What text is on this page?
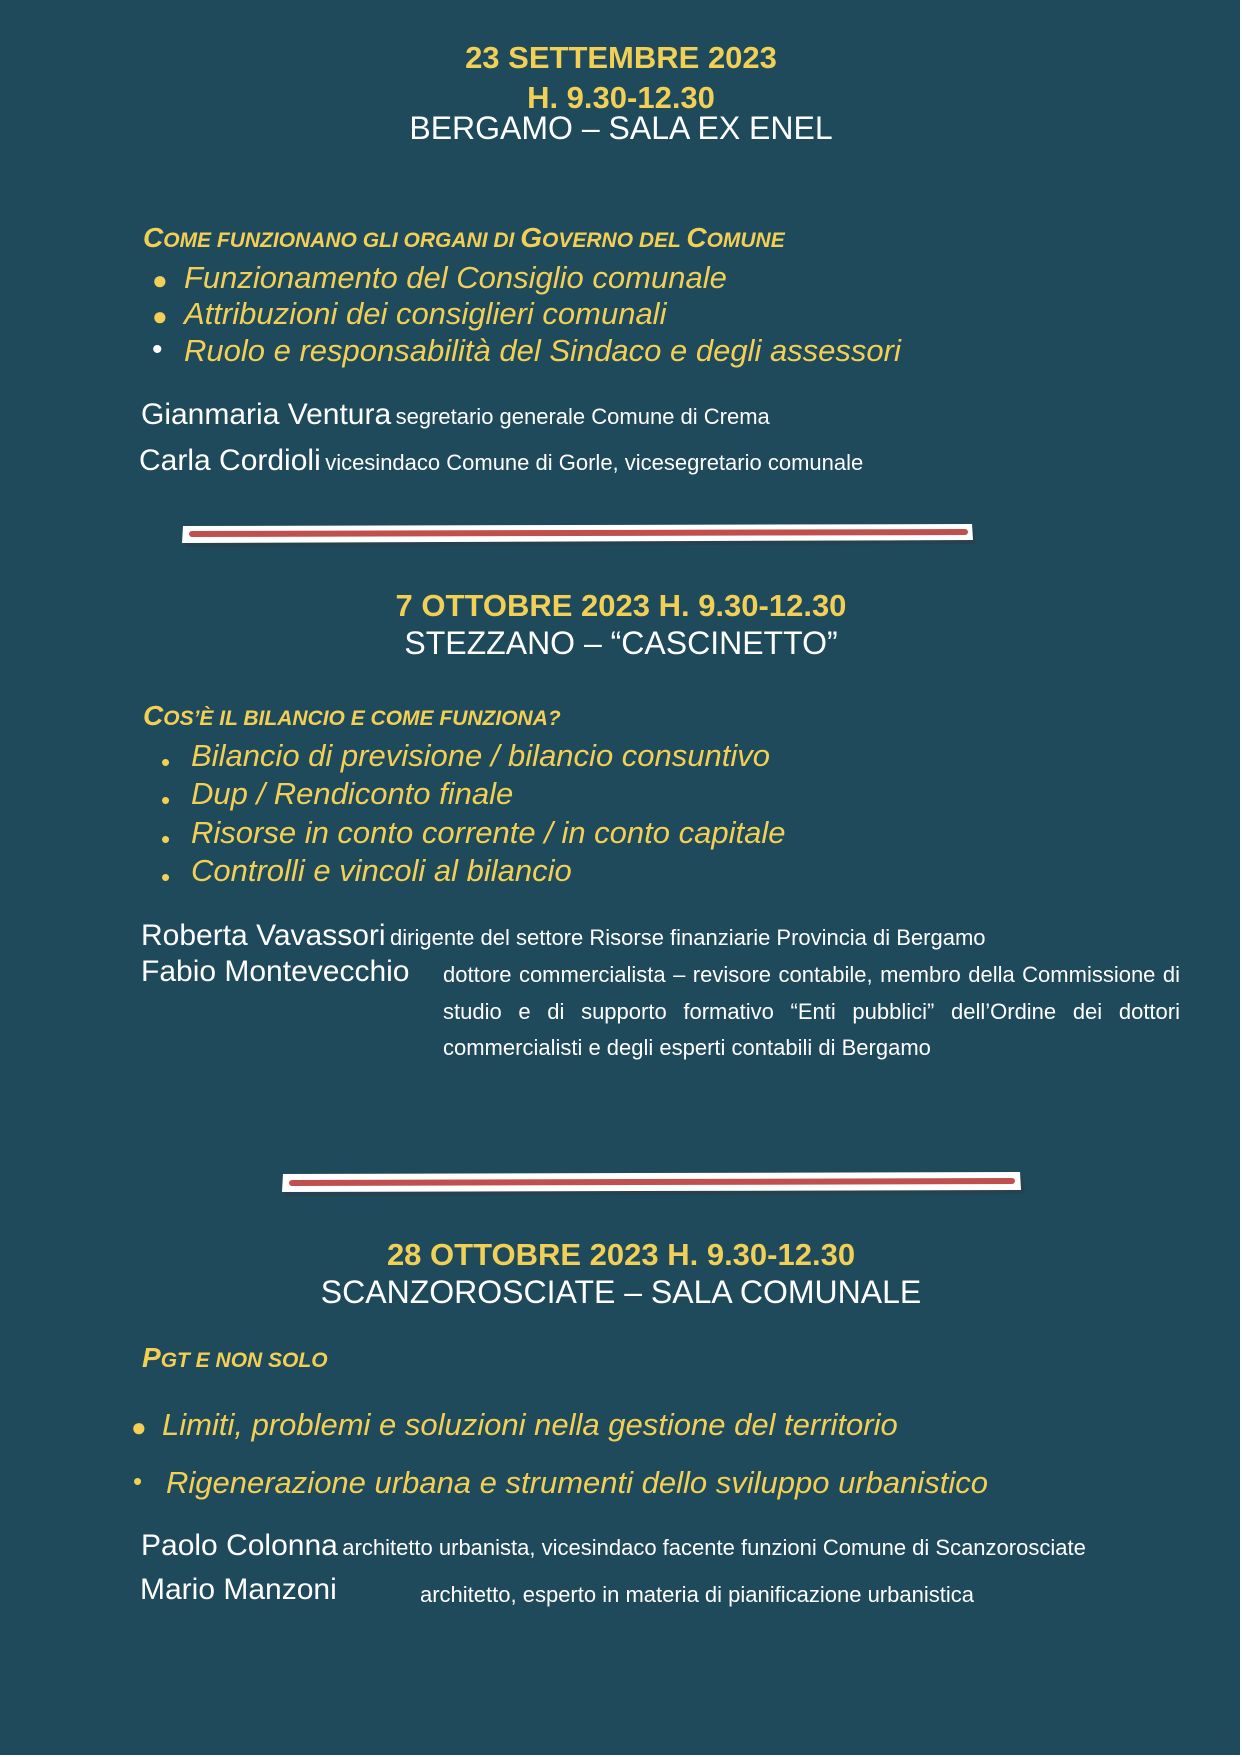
23 SETTEMBRE 2023
H. 9.30-12.30
BERGAMO – SALA EX ENEL
COME FUNZIONANO GLI ORGANI DI GOVERNO DEL COMUNE
● Funzionamento del Consiglio comunale
● Attribuzioni dei consiglieri comunali
• Ruolo e responsabilità del Sindaco e degli assessori
Gianmaria Ventura segretario generale Comune di Crema
Carla Cordioli vicesindaco Comune di Gorle, vicesegretario comunale
7 OTTOBRE 2023 H. 9.30-12.30
STEZZANO – “CASCINETTO”
COS’È IL BILANCIO E COME FUNZIONA?
• Bilancio di previsione / bilancio consuntivo
• Dup / Rendiconto finale
• Risorse in conto corrente / in conto capitale
• Controlli e vincoli al bilancio
Roberta Vavassori dirigente del settore Risorse finanziarie Provincia di Bergamo
Fabio Montevecchio dottore commercialista – revisore contabile, membro della Commissione di studio e di supporto formativo “Enti pubblici” dell’Ordine dei dottori commercialisti e degli esperti contabili di Bergamo
28 OTTOBRE 2023 H. 9.30-12.30
SCANZOROSCIATE – SALA COMUNALE
PGT E NON SOLO
● Limiti, problemi e soluzioni nella gestione del territorio
• Rigenerazione urbana e strumenti dello sviluppo urbanistico
Paolo Colonna architetto urbanista, vicesindaco facente funzioni Comune di Scanzorosciate
Mario Manzoni	architetto, esperto in materia di pianificazione urbanistica
